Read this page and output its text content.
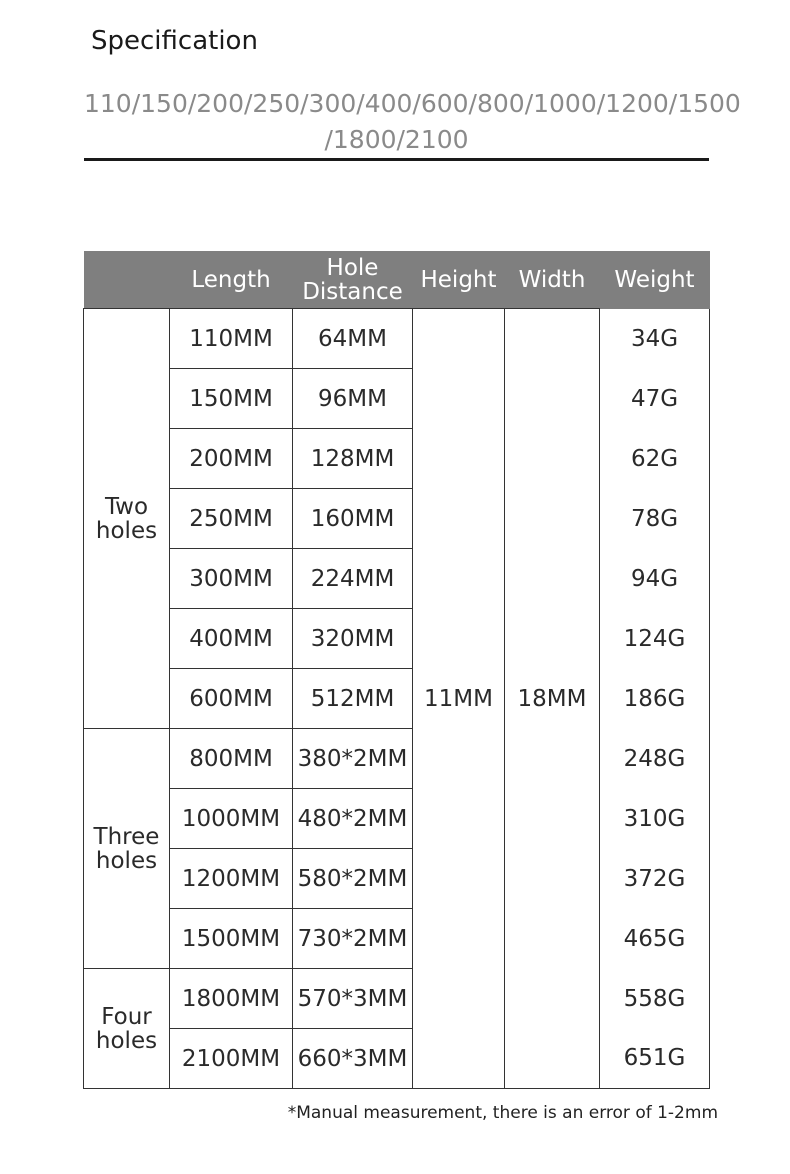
Specification
110/150/200/250/300/400/600/800/1000/1200/1500
/1800/2100
	Length	Hole Distance	Height	Width	Weight
Two holes	110MM	64MM	11MM	18MM	34G
	150MM	96MM			47G
	200MM	128MM			62G
	250MM	160MM			78G
	300MM	224MM			94G
	400MM	320MM			124G
	600MM	512MM			186G
Three holes	800MM	380*2MM			248G
	1000MM	480*2MM			310G
	1200MM	580*2MM			372G
	1500MM	730*2MM			465G
Four holes	1800MM	570*3MM			558G
	2100MM	660*3MM			651G
*Manual measurement, there is an error of 1-2mm
